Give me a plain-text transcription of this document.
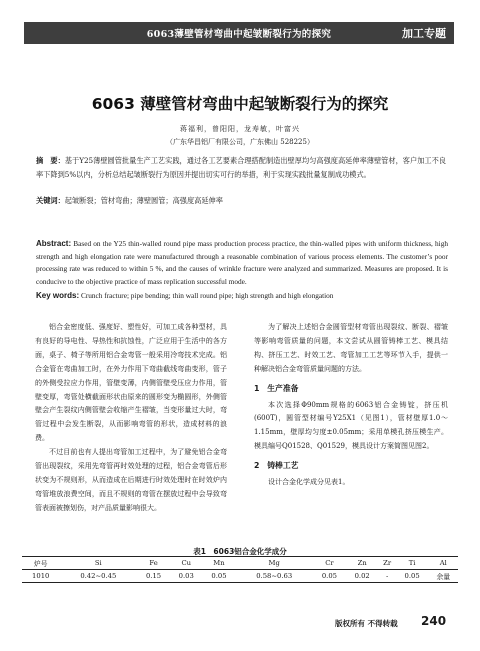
6063薄壁管材弯曲中起皱断裂行为的探究	加工专题
6063 薄壁管材弯曲中起皱断裂行为的探究
蒋福利，曾阳阳，龙寿敏，叶富兴
（广东华昌铝厂有限公司，广东佛山 528225）
摘　要：基于Y25薄壁圆管批量生产工艺实践，通过各工艺要素合理搭配制造出壁厚均匀高强度高延伸率薄壁管材，客户加工不良率下降到5%以内，分析总结起皱断裂行为原因并提出切实可行的举措，利于实现实践批量复制成功模式。
关键词：起皱断裂；管材弯曲；薄壁圆管；高强度高延伸率
Abstract: Based on the Y25 thin-walled round pipe mass production process practice, the thin-walled pipes with uniform thickness, high strength and high elongation rate were manufactured through a reasonable combination of various process elements. The customer’s poor processing rate was reduced to within 5 %, and the causes of wrinkle fracture were analyzed and summarized. Measures are proposed. It is conducive to the objective practice of mass replication successful mode.
Key words: Crunch fracture; pipe bending; thin wall round pipe; high strength and high elongation

铝合金密度低、强度好、塑性好，可加工成各种型材，具有良好的导电性、导热性和抗蚀性，广泛应用于生活中的各方面，桌子、椅子等所用铝合金弯管一般采用冷弯技术完成。铝合金管在弯曲加工时，在外力作用下弯曲截线弯曲变形，管子的外侧受拉应力作用，管壁变薄，内侧管壁受压应力作用，管壁变厚，弯管处横截面形状由原来的圆形变为椭圆形，外侧管壁会产生裂纹内侧管壁会收缩产生褶皱，当变形量过大时，弯管过程中会发生断裂，从而影响弯管的形状，造成材料的浪费。

不过目前也有人提出弯管加工过程中，为了避免铝合金弯管出现裂纹，采用先弯管再时效处理的过程，铝合金弯管后形状变为不规则形，从而造成在后期进行时效处理时在时效炉内弯管堆放浪费空间，而且不规则的弯管在摆放过程中会导致弯管表面被擦划伤，对产品质量影响很大。

为了解决上述铝合金圆管型材弯管出现裂纹、断裂、褶皱等影响弯管质量的问题，本文尝试从圆管铸棒工艺、模具结构、挤压工艺、时效工艺、弯管加工工艺等环节入手，提供一种解决铝合金弯管质量问题的方法。

1　生产准备

本次选择Φ90mm规格的6063铝合金铸锭，挤压机(600T)，圆管型材编号Y25X1（见图1），管材壁厚1.0～1.15mm，壁厚均匀度±0.05mm；采用单模孔挤压模生产。模具编号Q01528、Q01529，模具设计方案简图见图2。

2　铸棒工艺

设计合金化学成分见表1。

表1　6063铝合金化学成分
炉号	Si	Fe	Cu	Mn	Mg	Cr	Zn	Zr	Ti	Al
1010	0.42~0.45	0.15	0.03	0.05	0.58~0.63	0.05	0.02	-	0.05	余量
版权所有 不得转载 240
